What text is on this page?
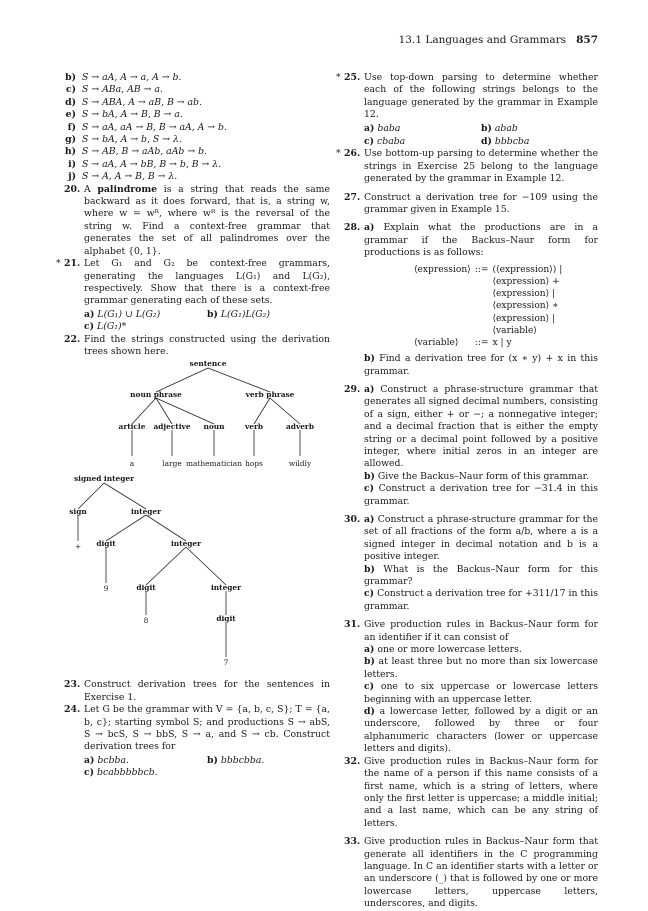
13.1 Languages and Grammars 857
b) S → aA, A → a, A → b.
c) S → ABa, AB → a.
d) S → ABA, A → aB, B → ab.
e) S → bA, A → B, B → a.
f) S → aA, aA → B, B → aA, A → b.
g) S → bA, A → b, S → λ.
h) S → AB, B → aAb, aAb → b.
i) S → aA, A → bB, B → b, B → λ.
j) S → A, A → B, B → λ.
20. A palindrome is a string that reads the same backward as it does forward, that is, a string w, where w = wᴿ, where wᴿ is the reversal of the string w. Find a context-free grammar that generates the set of all palindromes over the alphabet {0, 1}.
* 21. Let G₁ and G₂ be context-free grammars, generating the languages L(G₁) and L(G₂), respectively. Show that there is a context-free grammar generating each of these sets.
a) L(G₁) ∪ L(G₂)	b) L(G₁)L(G₂)
c) L(G₁)*
22. Find the strings constructed using the derivation trees shown here.
sentence
noun phrase	verb phrase
article adjective noun	verb	adverb
a	large mathematician hops	wildly
signed integer
sign	integer
+ digit	integer
9	digit	integer
8	digit
7
23. Construct derivation trees for the sentences in Exercise 1.
24. Let G be the grammar with V = {a, b, c, S}; T = {a, b, c}; starting symbol S; and productions S → abS, S → bcS, S → bbS, S → a, and S → cb. Construct derivation trees for
a) bcbba.	b) bbbcbba.
c) bcabbbbbcb.
* 25. Use top-down parsing to determine whether each of the following strings belongs to the language generated by the grammar in Example 12.
a) baba	b) abab
c) cbaba	d) bbbcba
* 26. Use bottom-up parsing to determine whether the strings in Exercise 25 belong to the language generated by the grammar in Example 12.
27. Construct a derivation tree for −109 using the grammar given in Example 15.
28. a) Explain what the productions are in a grammar if the Backus–Naur form for productions is as follows:
⟨expression⟩	::=	(⟨expression⟩) |
		⟨expression⟩ + ⟨expression⟩ |
		⟨expression⟩ ∗ ⟨expression⟩ |
		⟨variable⟩
⟨variable⟩	::=	x | y
b) Find a derivation tree for (x ∗ y) + x in this grammar.
29. a) Construct a phrase-structure grammar that generates all signed decimal numbers, consisting of a sign, either + or −; a nonnegative integer; and a decimal fraction that is either the empty string or a decimal point followed by a positive integer, where initial zeros in an integer are allowed.
b) Give the Backus–Naur form of this grammar.
c) Construct a derivation tree for −31.4 in this grammar.
30. a) Construct a phrase-structure grammar for the set of all fractions of the form a/b, where a is a signed integer in decimal notation and b is a positive integer.
b) What is the Backus–Naur form for this grammar?
c) Construct a derivation tree for +311/17 in this grammar.
31. Give production rules in Backus–Naur form for an identifier if it can consist of
a) one or more lowercase letters.
b) at least three but no more than six lowercase letters.
c) one to six uppercase or lowercase letters beginning with an uppercase letter.
d) a lowercase letter, followed by a digit or an underscore, followed by three or four alphanumeric characters (lower or uppercase letters and digits).
32. Give production rules in Backus–Naur form for the name of a person if this name consists of a first name, which is a string of letters, where only the first letter is uppercase; a middle initial; and a last name, which can be any string of letters.
33. Give production rules in Backus–Naur form that generate all identifiers in the C programming language. In C an identifier starts with a letter or an underscore (_) that is followed by one or more lowercase letters, uppercase letters, underscores, and digits.
